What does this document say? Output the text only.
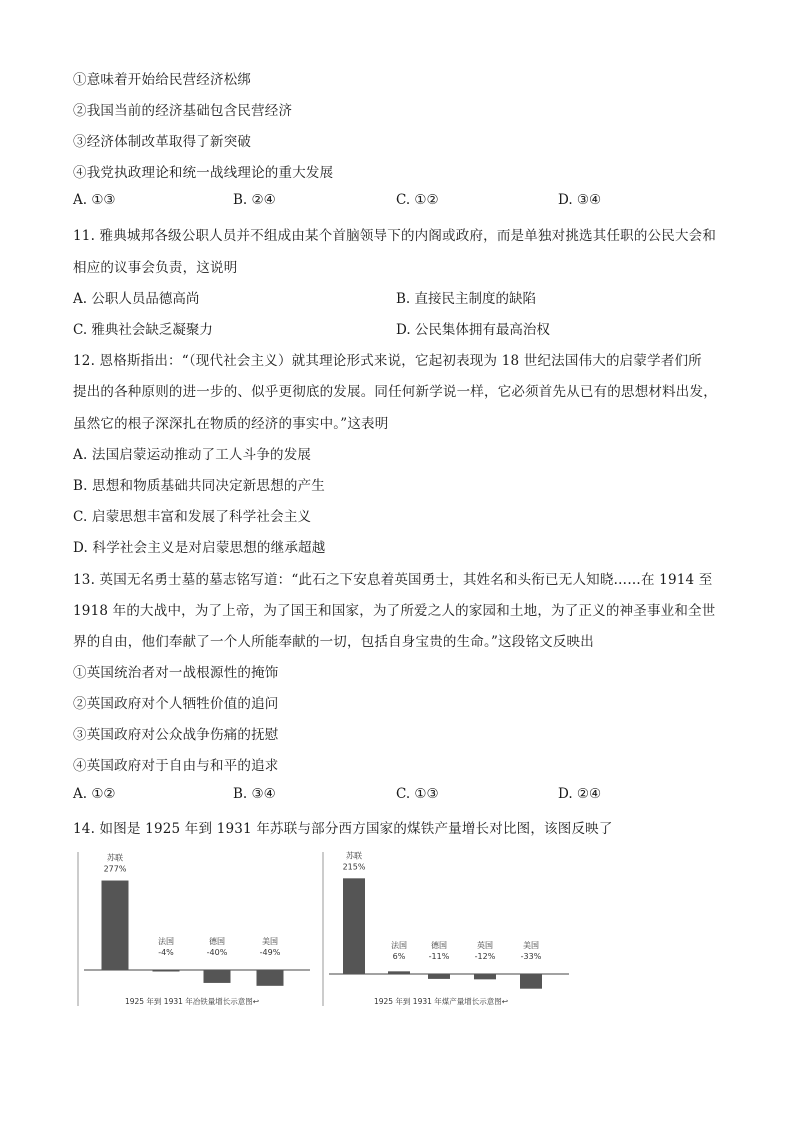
①意味着开始给民营经济松绑
②我国当前的经济基础包含民营经济
③经济体制改革取得了新突破
④我党执政理论和统一战线理论的重大发展
A. ①③	B. ②④	C. ①②	D. ③④
11. 雅典城邦各级公职人员并不组成由某个首脑领导下的内阁或政府，而是单独对挑选其任职的公民大会和
相应的议事会负责，这说明
A. 公职人员品德高尚	B. 直接民主制度的缺陷
C. 雅典社会缺乏凝聚力	D. 公民集体拥有最高治权
12. 恩格斯指出：“（现代社会主义）就其理论形式来说，它起初表现为 18 世纪法国伟大的启蒙学者们所
提出的各种原则的进一步的、似乎更彻底的发展。同任何新学说一样，它必须首先从已有的思想材料出发，
虽然它的根子深深扎在物质的经济的事实中。”这表明
A. 法国启蒙运动推动了工人斗争的发展
B. 思想和物质基础共同决定新思想的产生
C. 启蒙思想丰富和发展了科学社会主义
D. 科学社会主义是对启蒙思想的继承超越
13. 英国无名勇士墓的墓志铭写道：“此石之下安息着英国勇士，其姓名和头衔已无人知晓……在 1914 至
1918 年的大战中，为了上帝，为了国王和国家，为了所爱之人的家园和土地，为了正义的神圣事业和全世
界的自由，他们奉献了一个人所能奉献的一切，包括自身宝贵的生命。”这段铭文反映出
①英国统治者对一战根源性的掩饰
②英国政府对个人牺牲价值的追问
③英国政府对公众战争伤痛的抚慰
④英国政府对于自由与和平的追求
A. ①②	B. ③④	C. ①③	D. ②④
14. 如图是 1925 年到 1931 年苏联与部分西方国家的煤铁产量增长对比图，该图反映了
苏联
277%
法国
-4%
德国
-40%
美国
-49%
1925 年到 1931 年冶铁量增长示意图↩
苏联
215%
法国
6%
德国
-11%
英国
-12%
美国
-33%
1925 年到 1931 年煤产量增长示意图↩
